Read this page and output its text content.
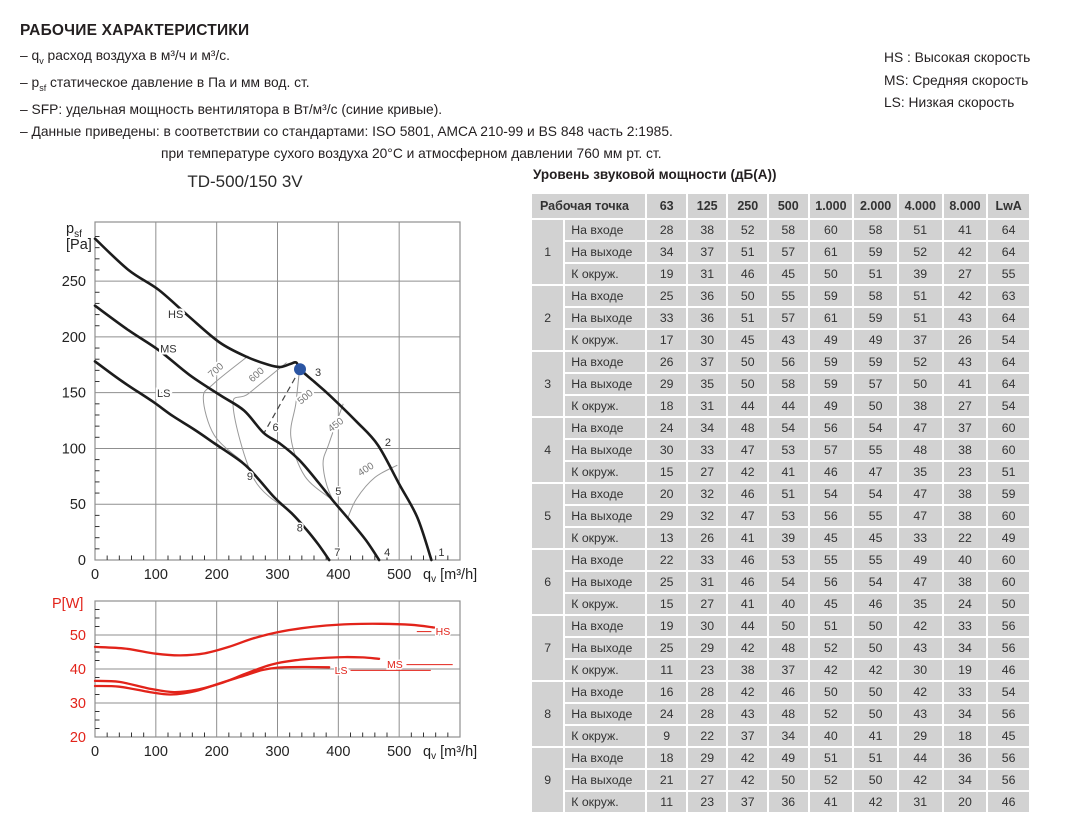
РАБОЧИЕ ХАРАКТЕРИСТИКИ
– $q_v$ расход воздуха в м³/ч и м³/с.
– $p_{sf}$ статическое давление в Па и мм вод. ст.
– SFP: удельная мощность вентилятора в Вт/м³/с (синие кривые).
– Данные приведены: в соответствии со стандартами: ISO 5801, AMCA 210-99 и BS 848 часть 2:1985.
при температуре сухого воздуха 20°C и атмосферном давлении 760 мм рт. ст.
HS : Высокая скорость
MS: Средняя скорость
LS: Низкая скорость
TD-500/150 3V
0	100	200	300	400	500
0
50
100
150
200
250
$q_v$ [m³/h]
$p_{sf}$ [Pa]
700 600
500
450
400
HS
MS
LS
1
2
3
4
5
6
7
8
9
0	100	200	300	400	500
20
30
40
50
$q_v$ [m³/h]
P[W]
HS
MS
LS
Уровень звуковой мощности (дБ(А))
Рабочая точка		63	125	250	500	1.000	2.000	4.000	8.000	LwA
1	На входе	28	38	52	58	60	58	51	41	64
	На выходе	34	37	51	57	61	59	52	42	64
	К окруж.	19	31	46	45	50	51	39	27	55
2	На входе	25	36	50	55	59	58	51	42	63
	На выходе	33	36	51	57	61	59	51	43	64
	К окруж.	17	30	45	43	49	49	37	26	54
3	На входе	26	37	50	56	59	59	52	43	64
	На выходе	29	35	50	58	59	57	50	41	64
	К окруж.	18	31	44	44	49	50	38	27	54
4	На входе	24	34	48	54	56	54	47	37	60
	На выходе	30	33	47	53	57	55	48	38	60
	К окруж.	15	27	42	41	46	47	35	23	51
5	На входе	20	32	46	51	54	54	47	38	59
	На выходе	29	32	47	53	56	55	47	38	60
	К окруж.	13	26	41	39	45	45	33	22	49
6	На входе	22	33	46	53	55	55	49	40	60
	На выходе	25	31	46	54	56	54	47	38	60
	К окруж.	15	27	41	40	45	46	35	24	50
7	На входе	19	30	44	50	51	50	42	33	56
	На выходе	25	29	42	48	52	50	43	34	56
	К окруж.	11	23	38	37	42	42	30	19	46
8	На входе	16	28	42	46	50	50	42	33	54
	На выходе	24	28	43	48	52	50	43	34	56
	К окруж.	9	22	37	34	40	41	29	18	45
9	На входе	18	29	42	49	51	51	44	36	56
	На выходе	21	27	42	50	52	50	42	34	56
	К окруж.	11	23	37	36	41	42	31	20	46
